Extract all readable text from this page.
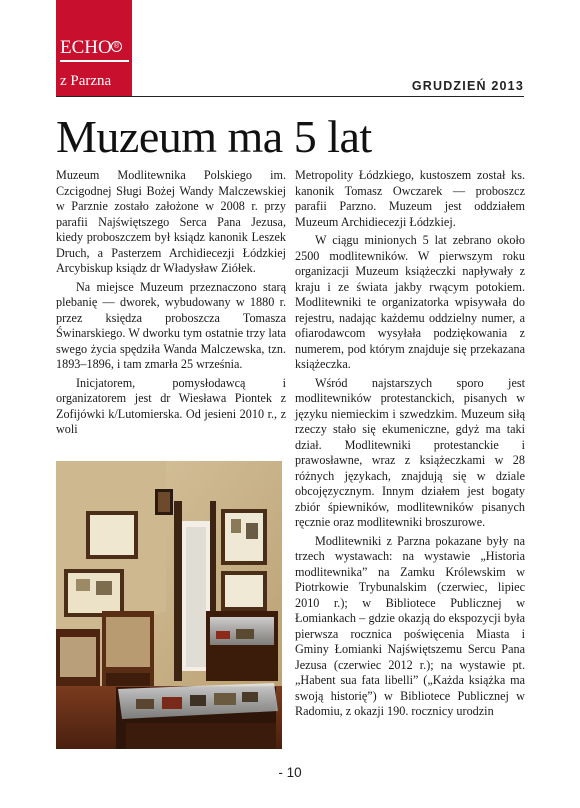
ECHO ®
z Parzna	GRUDZIEŃ 2013
Muzeum ma 5 lat

Muzeum Modlitewnika Polskiego im. Czcigodnej Sługi Bożej Wandy Malczewskiej w Parznie zostało założone w 2008 r. przy parafii Najświętszego Serca Pana Jezusa, kiedy proboszczem był ksiądz kanonik Leszek Druch, a Pasterzem Archidiecezji Łódzkiej Arcybiskup ksiądz dr Władysław Ziółek.

Na miejsce Muzeum przeznaczono starą plebanię — dworek, wybudowany w 1880 r. przez księdza proboszcza Tomasza Świnarskiego. W dworku tym ostatnie trzy lata swego życia spędziła Wanda Malczewska, tzn. 1893–1896, i tam zmarła 25 września.

Inicjatorem, pomysłodawcą i organizatorem jest dr Wiesława Piontek z Zofijówki k/Lutomierska. Od jesieni 2010 r., z woli

Metropolity Łódzkiego, kustoszem został ks. kanonik Tomasz Owczarek — proboszcz parafii Parzno. Muzeum jest oddziałem Muzeum Archidiecezji Łódzkiej.

W ciągu minionych 5 lat zebrano około 2500 modlitewników. W pierwszym roku organizacji Muzeum książeczki napływały z kraju i ze świata jakby rwącym potokiem. Modlitewniki te organizatorka wpisywała do rejestru, nadając każdemu oddzielny numer, a ofiarodawcom wysyłała podziękowania z numerem, pod którym znajduje się przekazana książeczka.

Wśród najstarszych sporo jest modlitewników protestanckich, pisanych w języku niemieckim i szwedzkim. Muzeum siłą rzeczy stało się ekumeniczne, gdyż ma taki dział. Modlitewniki protestanckie i prawosławne, wraz z książeczkami w 28 różnych językach, znajdują się w dziale obcojęzycznym. Innym działem jest bogaty zbiór śpiewników, modlitewników pisanych ręcznie oraz modlitewniki broszurowe.

Modlitewniki z Parzna pokazane były na trzech wystawach: na wystawie „Historia modlitewnika” na Zamku Królewskim w Piotrkowie Trybunalskim (czerwiec, lipiec 2010 r.); w Bibliotece Publicznej w Łomiankach – gdzie okazją do ekspozycji była pierwsza rocznica poświęcenia Miasta i Gminy Łomianki Najświętszemu Sercu Pana Jezusa (czerwiec 2012 r.); na wystawie pt. „Habent sua fata libelli” („Każda książka ma swoją historię”) w Bibliotece Publicznej w Radomiu, z okazji 190. rocznicy urodzin

- 10
